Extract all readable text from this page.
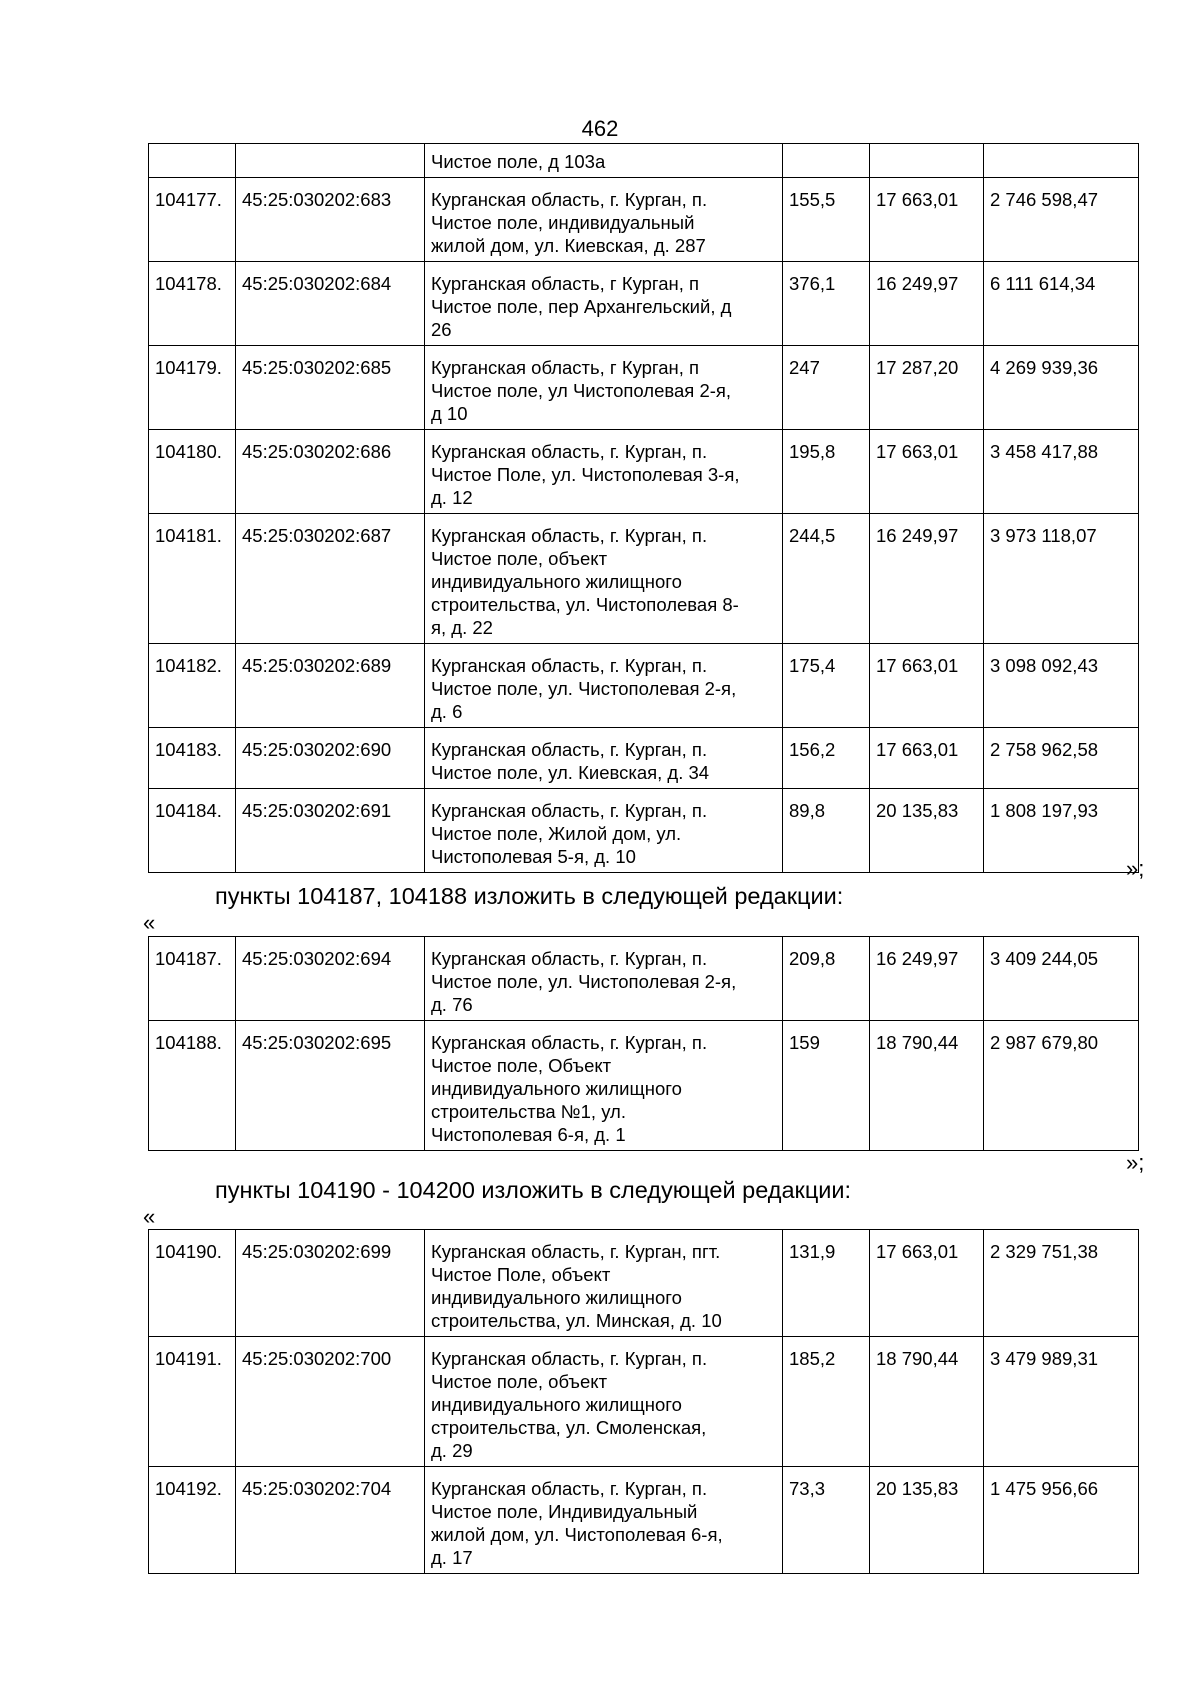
462
		Чистое поле, д 103а			
104177.	45:25:030202:683	Курганская область, г. Курган, п.
Чистое поле, индивидуальный
жилой дом, ул. Киевская, д. 287	155,5	17 663,01	2 746 598,47
104178.	45:25:030202:684	Курганская область, г Курган, п
Чистое поле, пер Архангельский, д
26	376,1	16 249,97	6 111 614,34
104179.	45:25:030202:685	Курганская область, г Курган, п
Чистое поле, ул Чистополевая 2-я,
д 10	247	17 287,20	4 269 939,36
104180.	45:25:030202:686	Курганская область, г. Курган, п.
Чистое Поле, ул. Чистополевая 3-я,
д. 12	195,8	17 663,01	3 458 417,88
104181.	45:25:030202:687	Курганская область, г. Курган, п.
Чистое поле, объект
индивидуального жилищного
строительства, ул. Чистополевая 8-
я, д. 22	244,5	16 249,97	3 973 118,07
104182.	45:25:030202:689	Курганская область, г. Курган, п.
Чистое поле, ул. Чистополевая 2-я,
д. 6	175,4	17 663,01	3 098 092,43
104183.	45:25:030202:690	Курганская область, г. Курган, п.
Чистое поле, ул. Киевская, д. 34	156,2	17 663,01	2 758 962,58
104184.	45:25:030202:691	Курганская область, г. Курган, п.
Чистое поле, Жилой дом, ул.
Чистополевая 5-я, д. 10	89,8	20 135,83	1 808 197,93
»;
пункты 104187, 104188 изложить в следующей редакции:
«
104187.	45:25:030202:694	Курганская область, г. Курган, п.
Чистое поле, ул. Чистополевая 2-я,
д. 76	209,8	16 249,97	3 409 244,05
104188.	45:25:030202:695	Курганская область, г. Курган, п.
Чистое поле, Объект
индивидуального жилищного
строительства №1, ул.
Чистополевая 6-я, д. 1	159	18 790,44	2 987 679,80
»;
пункты 104190 - 104200 изложить в следующей редакции:
«
104190.	45:25:030202:699	Курганская область, г. Курган, пгт.
Чистое Поле, объект
индивидуального жилищного
строительства, ул. Минская, д. 10	131,9	17 663,01	2 329 751,38
104191.	45:25:030202:700	Курганская область, г. Курган, п.
Чистое поле, объект
индивидуального жилищного
строительства, ул. Смоленская,
д. 29	185,2	18 790,44	3 479 989,31
104192.	45:25:030202:704	Курганская область, г. Курган, п.
Чистое поле, Индивидуальный
жилой дом, ул. Чистополевая 6-я,
д. 17	73,3	20 135,83	1 475 956,66
